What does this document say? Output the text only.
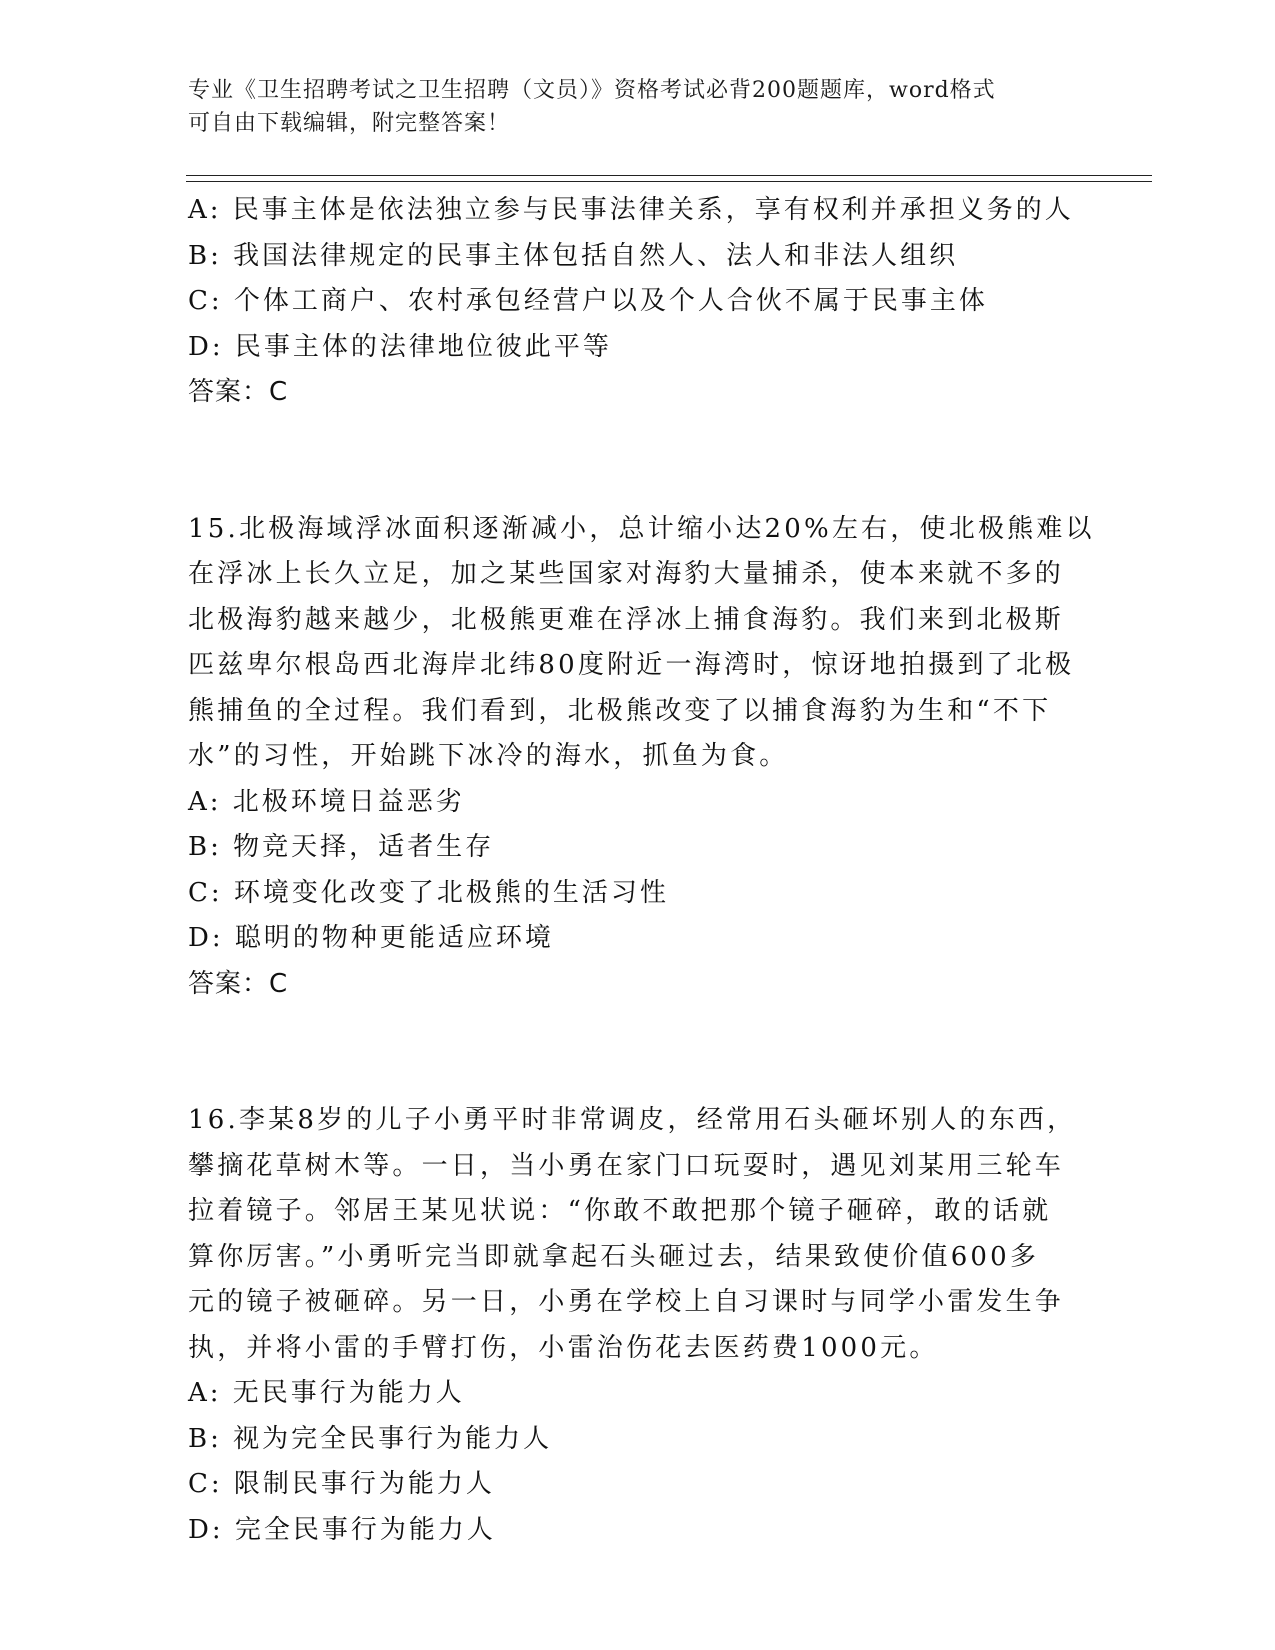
专业《卫生招聘考试之卫生招聘（文员）》资格考试必背200题题库，word格式
可自由下载编辑，附完整答案！
A: 民事主体是依法独立参与民事法律关系，享有权利并承担义务的人
B: 我国法律规定的民事主体包括自然人、法人和非法人组织
C: 个体工商户、农村承包经营户以及个人合伙不属于民事主体
D: 民事主体的法律地位彼此平等
答案：C
15.北极海域浮冰面积逐渐减小，总计缩小达20%左右，使北极熊难以
在浮冰上长久立足，加之某些国家对海豹大量捕杀，使本来就不多的
北极海豹越来越少，北极熊更难在浮冰上捕食海豹。我们来到北极斯
匹兹卑尔根岛西北海岸北纬80度附近一海湾时，惊讶地拍摄到了北极
熊捕鱼的全过程。我们看到，北极熊改变了以捕食海豹为生和“不下
水”的习性，开始跳下冰冷的海水，抓鱼为食。
A: 北极环境日益恶劣
B: 物竞天择，适者生存
C: 环境变化改变了北极熊的生活习性
D: 聪明的物种更能适应环境
答案：C
16.李某8岁的儿子小勇平时非常调皮，经常用石头砸坏别人的东西，
攀摘花草树木等。一日，当小勇在家门口玩耍时，遇见刘某用三轮车
拉着镜子。邻居王某见状说：“你敢不敢把那个镜子砸碎，敢的话就
算你厉害。”小勇听完当即就拿起石头砸过去，结果致使价值600多
元的镜子被砸碎。另一日，小勇在学校上自习课时与同学小雷发生争
执，并将小雷的手臂打伤，小雷治伤花去医药费1000元。
A: 无民事行为能力人
B: 视为完全民事行为能力人
C: 限制民事行为能力人
D: 完全民事行为能力人
